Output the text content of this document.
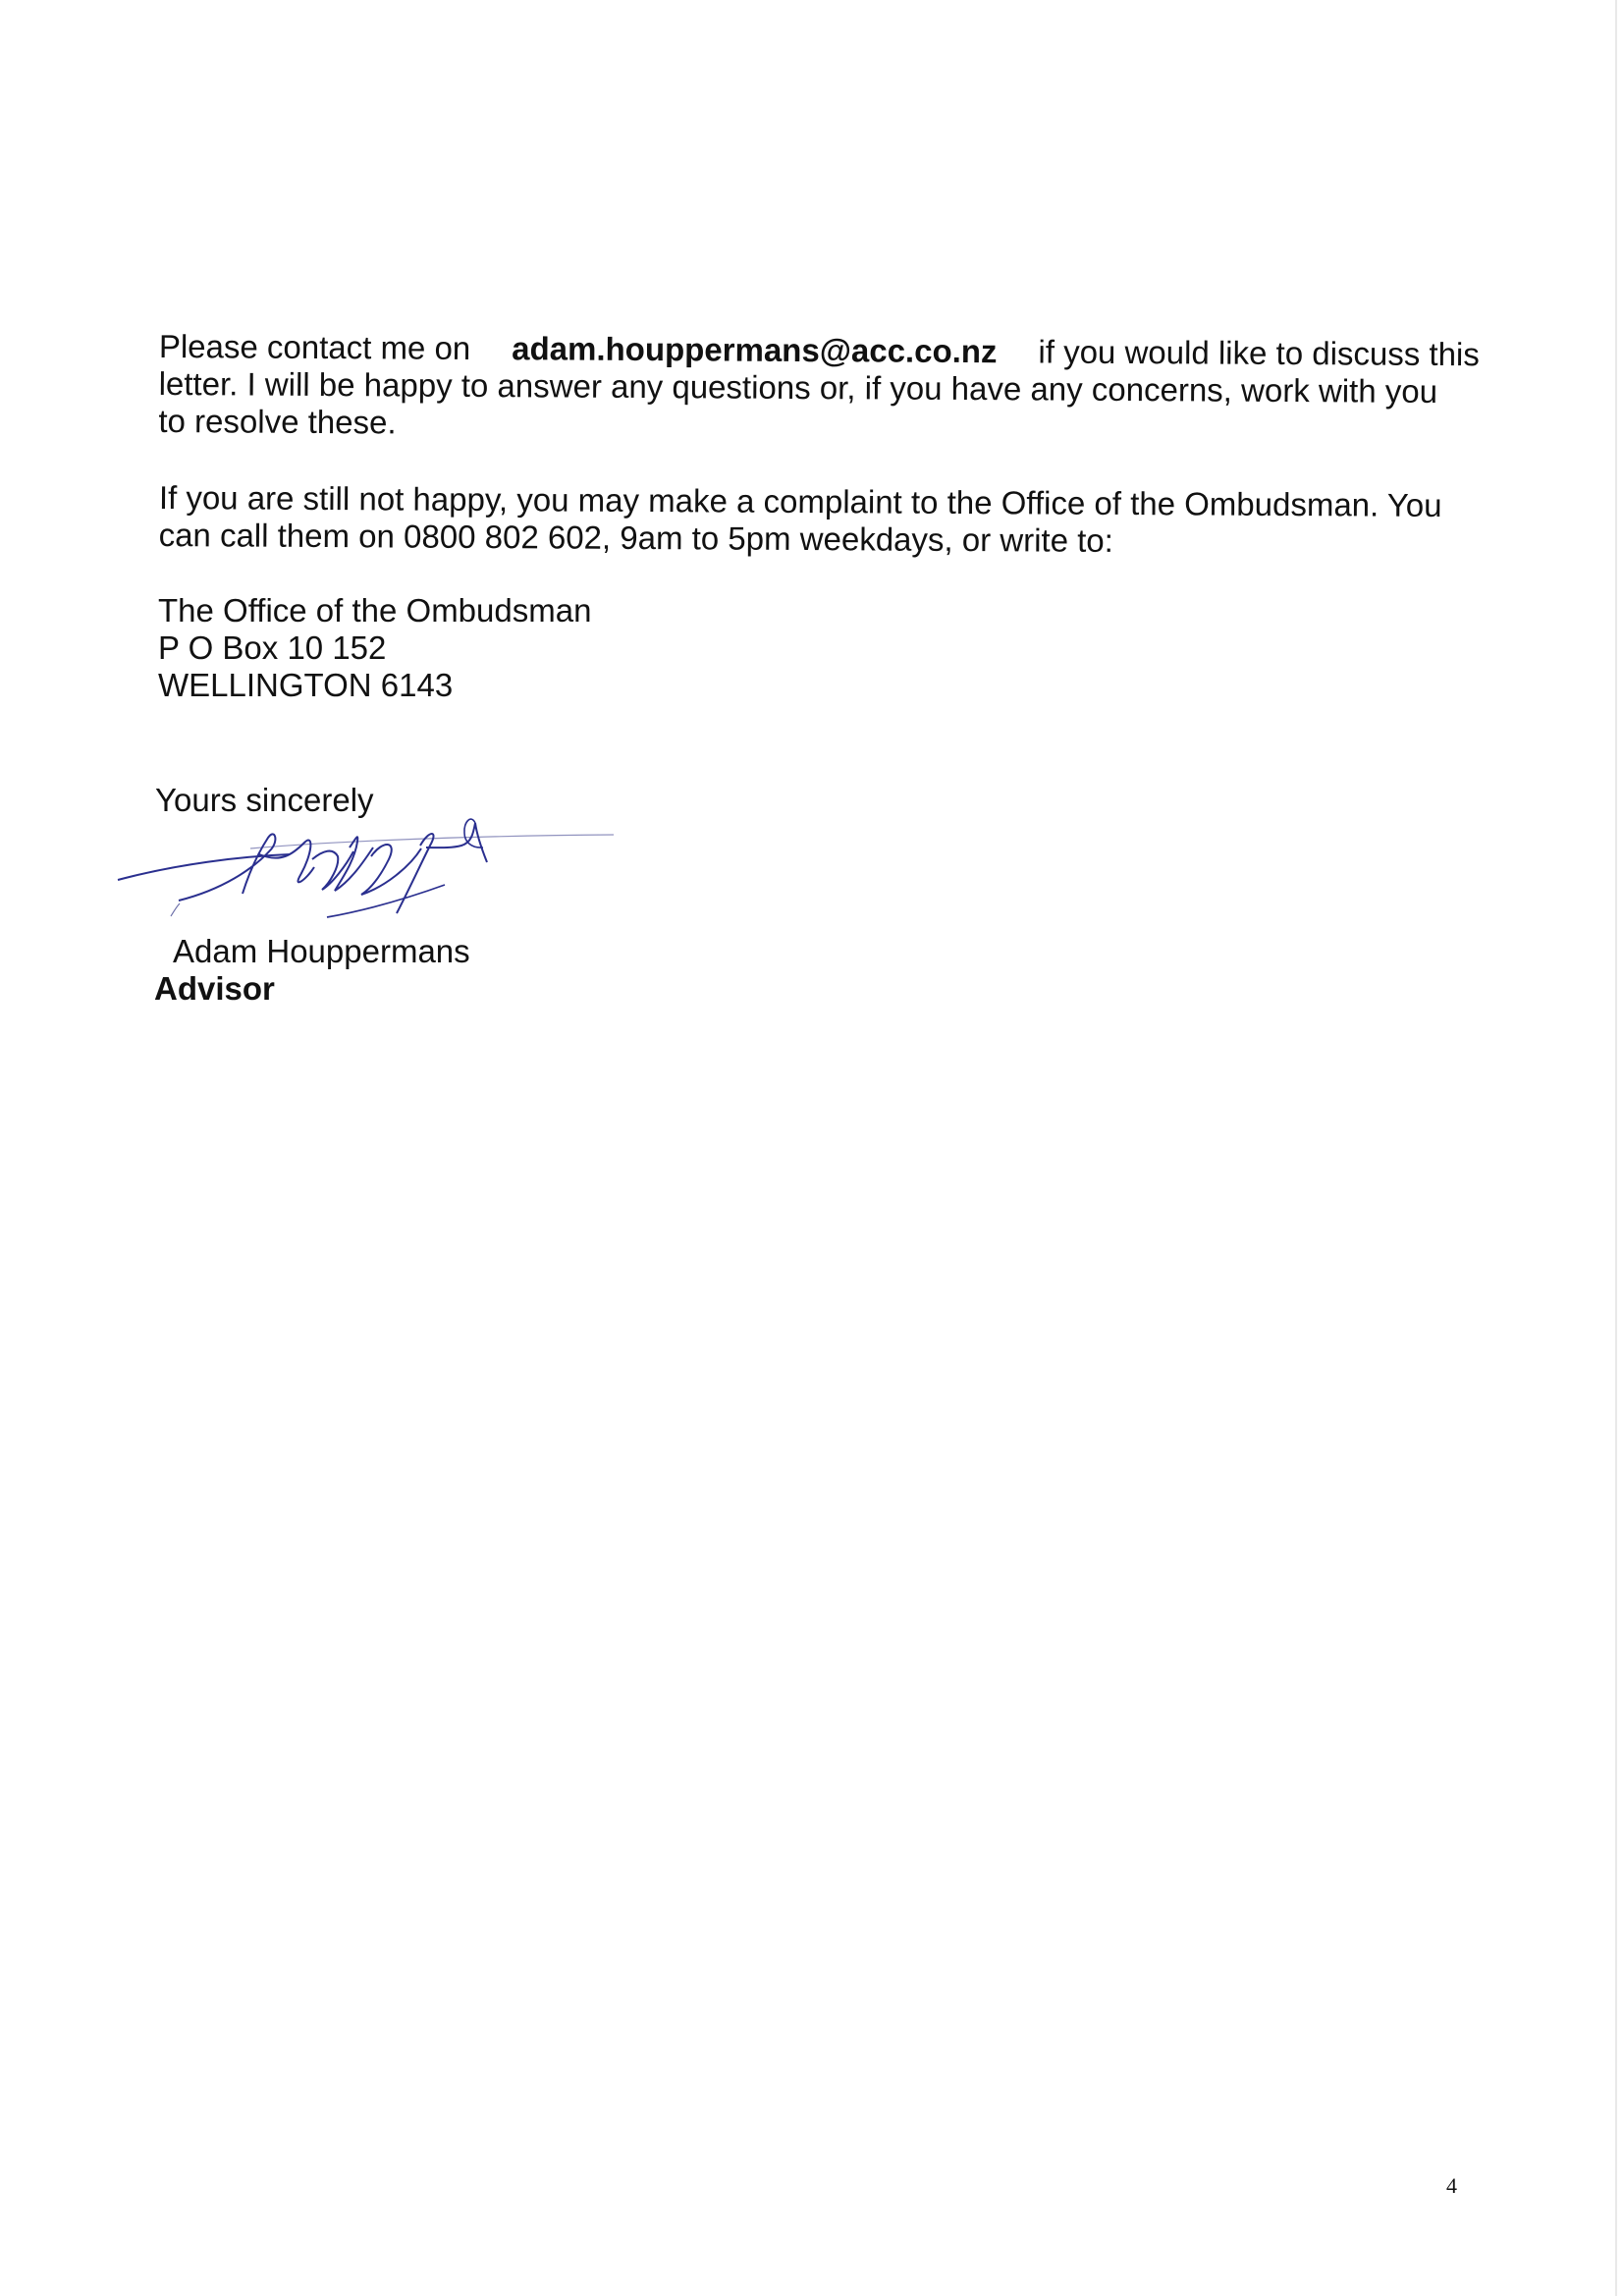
Please contact me on adam.houppermans@acc.co.nz if you would like to discuss this
letter. I will be happy to answer any questions or, if you have any concerns, work with you
to resolve these.

If you are still not happy, you may make a complaint to the Office of the Ombudsman. You
can call them on 0800 802 602, 9am to 5pm weekdays, or write to:

The Office of the Ombudsman
P O Box 10 152
WELLINGTON 6143

Yours sincerely

Adam Houppermans

Advisor

4
